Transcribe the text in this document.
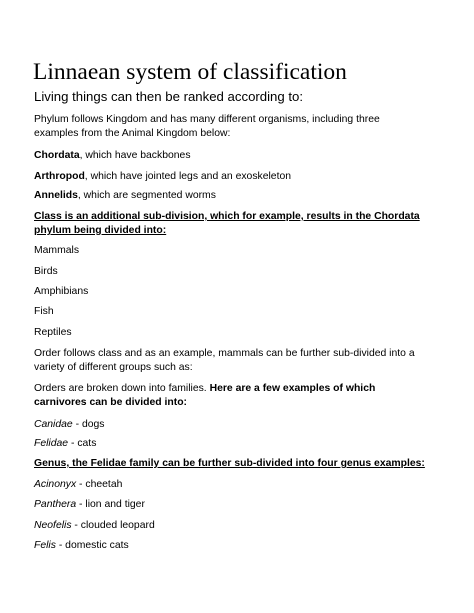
Linnaean system of classification
Living things can then be ranked according to:
Phylum follows Kingdom and has many different organisms, including three
examples from the Animal Kingdom below:
Chordata, which have backbones
Arthropod, which have jointed legs and an exoskeleton
Annelids, which are segmented worms
Class is an additional sub-division, which for example, results in the Chordata
phylum being divided into:
Mammals
Birds
Amphibians
Fish
Reptiles
Order follows class and as an example, mammals can be further sub-divided into a
variety of different groups such as:
Orders are broken down into families. Here are a few examples of which
carnivores can be divided into:
Canidae - dogs
Felidae - cats
Genus, the Felidae family can be further sub-divided into four genus examples:
Acinonyx - cheetah
Panthera - lion and tiger
Neofelis - clouded leopard
Felis - domestic cats
